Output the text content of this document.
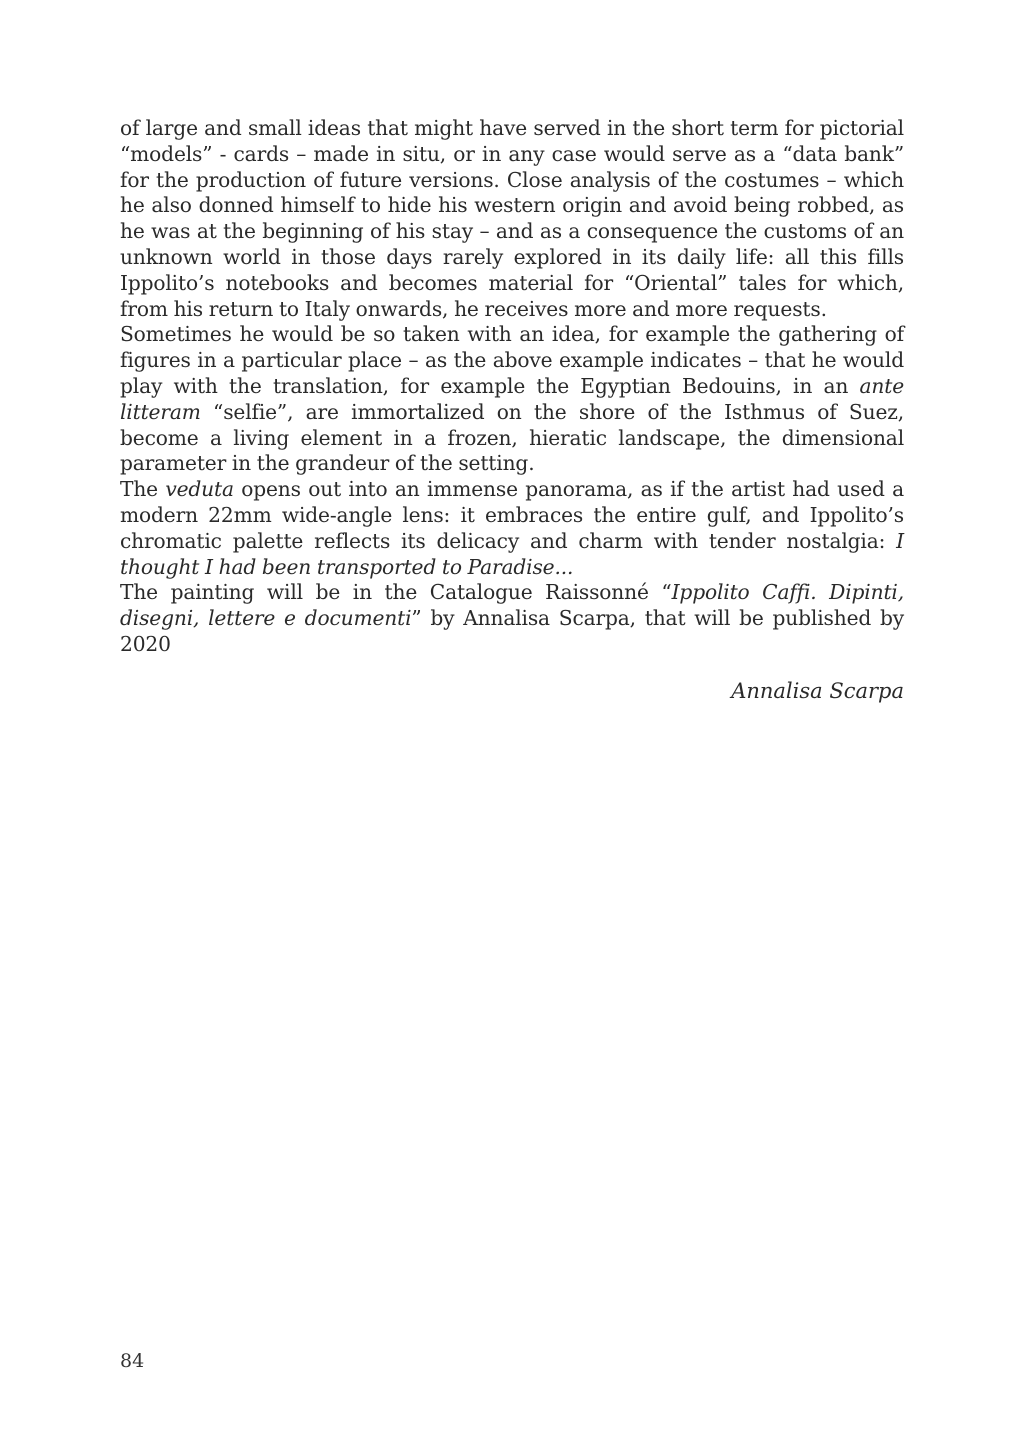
of large and small ideas that might have served in the short term for pictorial “models” - cards – made in situ, or in any case would serve as a “data bank” for the production of future versions. Close analysis of the costumes – which he also donned himself to hide his western origin and avoid being robbed, as he was at the beginning of his stay – and as a consequence the customs of an unknown world in those days rarely explored in its daily life: all this fills Ippolito’s notebooks and becomes material for “Oriental” tales for which, from his return to Italy onwards, he receives more and more requests.

Sometimes he would be so taken with an idea, for example the gathering of figures in a particular place – as the above example indicates – that he would play with the translation, for example the Egyptian Bedouins, in an ante litteram “selfie”, are immortalized on the shore of the Isthmus of Suez, become a living element in a frozen, hieratic landscape, the dimensional parameter in the grandeur of the setting.

The veduta opens out into an immense panorama, as if the artist had used a modern 22mm wide-angle lens: it embraces the entire gulf, and Ippolito’s chromatic palette reflects its delicacy and charm with tender nostalgia: I thought I had been transported to Paradise...

The painting will be in the Catalogue Raissonné “Ippolito Caffi. Dipinti, disegni, lettere e documenti” by Annalisa Scarpa, that will be published by 2020

Annalisa Scarpa

84
